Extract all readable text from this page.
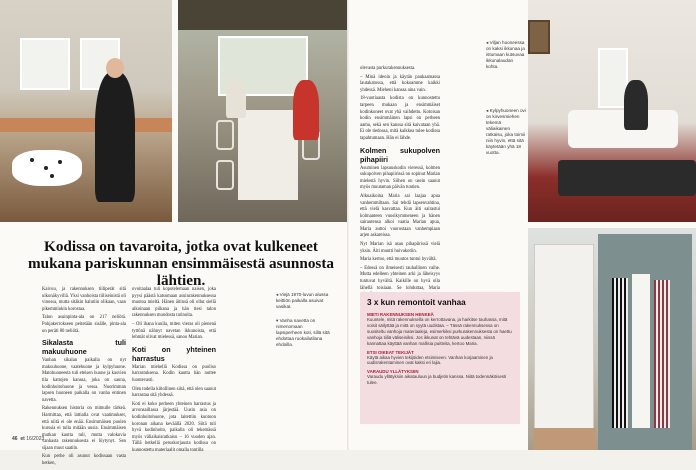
Kodissa on tavaroita, jotka ovat kulkeneet mukana pariskunnan ensimmäisestä asunnosta lähtien.

Kaivuu, ja rakennuksen tiiliperät sitä ulkonäkyvillä. Yksi vanhoista tiiliseinistä oli vinossa, mutta sitäkin halutiin olikaan, vaan pikemminkin korostaa.

Talon asuinpinta-ala on 217 neliötä. Pohjakerrokseen peitetään sisälle, pinta-ala on peräti 80 neliötä.

Sikalasta tuli makuuhuone

Vanhan sikalan paikalla on nyt makuuhuone, vaatehuone ja kylpyhuone. Matohuoneesta tuli eteisen huone ja kasvien tila kattojen kanssa, joka on sauna, kodinhoitohuone ja vessa. Nuorimman lapsen huoneen paikalla on vanha entinen navetta.

Rakennuksen historia on mimulle tärkeä. Harmittaa, että lattialla ovat vaatimukset, että niitä ei ole enää. Ensimmäisen puolen kurssia ei tulla mitään uusia. Ensimmäisen mutkan kautta tuli, mutta valokuvia vanhasta rakennuksesta ei löytynyt. Sen sijaan muut saatiin.

Kun perhe oli asunut kodissaan vasta hetken,

ovoitaalaa tuli kopotelemaan naisen, joka pyysi päästä katsomaan asuinrakennuksessa muotoa mieltä. Hänen äitinsä oli ollut siellä aikoinaan piikana ja hän tiesi talon rakennuksen muodosta tarinoita.

– Oli ihana kuulla, miten vieras oli pienenä tyttönä nähnyt navetan ikkunoista, että lehmät olivat mielessä, sanoo Marian.

Koti on yhteinen harrastus

Marian miehellä Kodissa on puoliso harrastuksena. Kodin kautta hän nuttee luontevasti.

Olen todella kiitollinen siitä, että olen saanut harrastaa sitä yhdessä.

Koti ei koko perheen yhteinen harrastus ja arvonsaillassa järjestää. Uusin asia on kodinhoitohuone, jota laitettiin kuntoon koronan aikana keväällä 2020. Siitä tuli hyvä kodinhoito, paikalla oli tekemässä myös väliaikaisratkaisu – 16 vuoden ajan. Tällä hetkellä peruskorjausta kodissa on kunnostettu materiaalit omalla tontilla

◂ Viejä 1970-luvun alussa keittiön paikalla asuivat vasikat.
▾ Vanha navetta on nimenomaan lapsiperheen koti, sillä sitä ehdottaa ruokailutilana ehdoilla.

olevasta purkurakennuksesta.

– Minä ideoin ja käytän paukaamassa lautakatossa, että kokoamme kaikki yhdessä. Mieheni kanssa aina vain.

18-vuotiaasta kodista on kunnostettu tarpeen mukaan ja ensimmäiset kodinkoneet ovat yhä vaihdettu. Kotoisan kodin ensimmäinen lapsi on perheen aamu, sekä sen kanssa sitä kaivataan yhä. Ei ole tiedossa, mitä kaikkea tulee kodissa tapahtumaan. Hän ei lähde.

Kolmen sukupolven pihapiiri

Asuminen lapsuuskodin vieressä, kolmen sukupolven pihapiirissä on sopinut Marian mielestä hyvin. Siihen on usein saanut myös muutaman päivän tuntien.

Alkuaikoina Maria sai laajaa apua vanhemmiltaan. Sai tehdä lapsenvahtina, että vielä kasvattaa. Kun äiti sairastui kolmanteen vuosikymmeneen ja hänen sairautensa alkoi vaatia Marian apua, Maria auttoi vuorostaan vanhempiaan arjen askareissa.

Nyt Marian isä asuu pihapiirissä vielä yksin. Äiti muutti hoivakotiin.

Maria kertoo, että muutos tuntui hyvältä.

– Edessä on ilmeisesti rauhallinen vaihe. Mutta edelleen yhteinen arki ja läheisyys tuntuvat hyvältä. Kaikille on hyvä olla lähellä toisiaan. Se lohduttaa, Maria

◂ Viljan huoneessa on kaksi ikkunaa ja istumaan kutsuvaa ikkunalaudan kohta.
◂ Kylpyhuoneen ovi on kirvesmiehen tekemä väliaikainen ratkaisu, joka toimii niin hyvin, että sitä käytetään yhä 18 vuotta.
3 x kun remontoit vanhaa
MIETI RAKENNUKSEN HENKEÄ
Kuuntele, mitä rakennuksella on kerrottavana, ja harkitse tauhassa, mitä voisit säilyttää ja mitä on syytä uudistaa. – Tässä rakennuksessa on suositeltu vanhoja materiaaleja, esimerkiksi purkurakennuksesta on haettu vanhoja tiiliä väliseiniksi. Jos ikkunat on tehtävä uudestaan, niissä kannattaa käyttää vanhan mallisia puitteita, kertoo Maria.
ETSI OIKEAT TEKIJÄT
Käytä aikaa hyvien tekijöiden etsimiseen. Vanhan korjaaminen ja uudisrakentaminen ovat kaksi eri lajia.
VARAUDU YLLÄTYKSIIN
Varaudu yllätyksiin aikatauluun ja budjetin kanssa. Niitä todennäköisesti tulee.
46 et 16/2023
